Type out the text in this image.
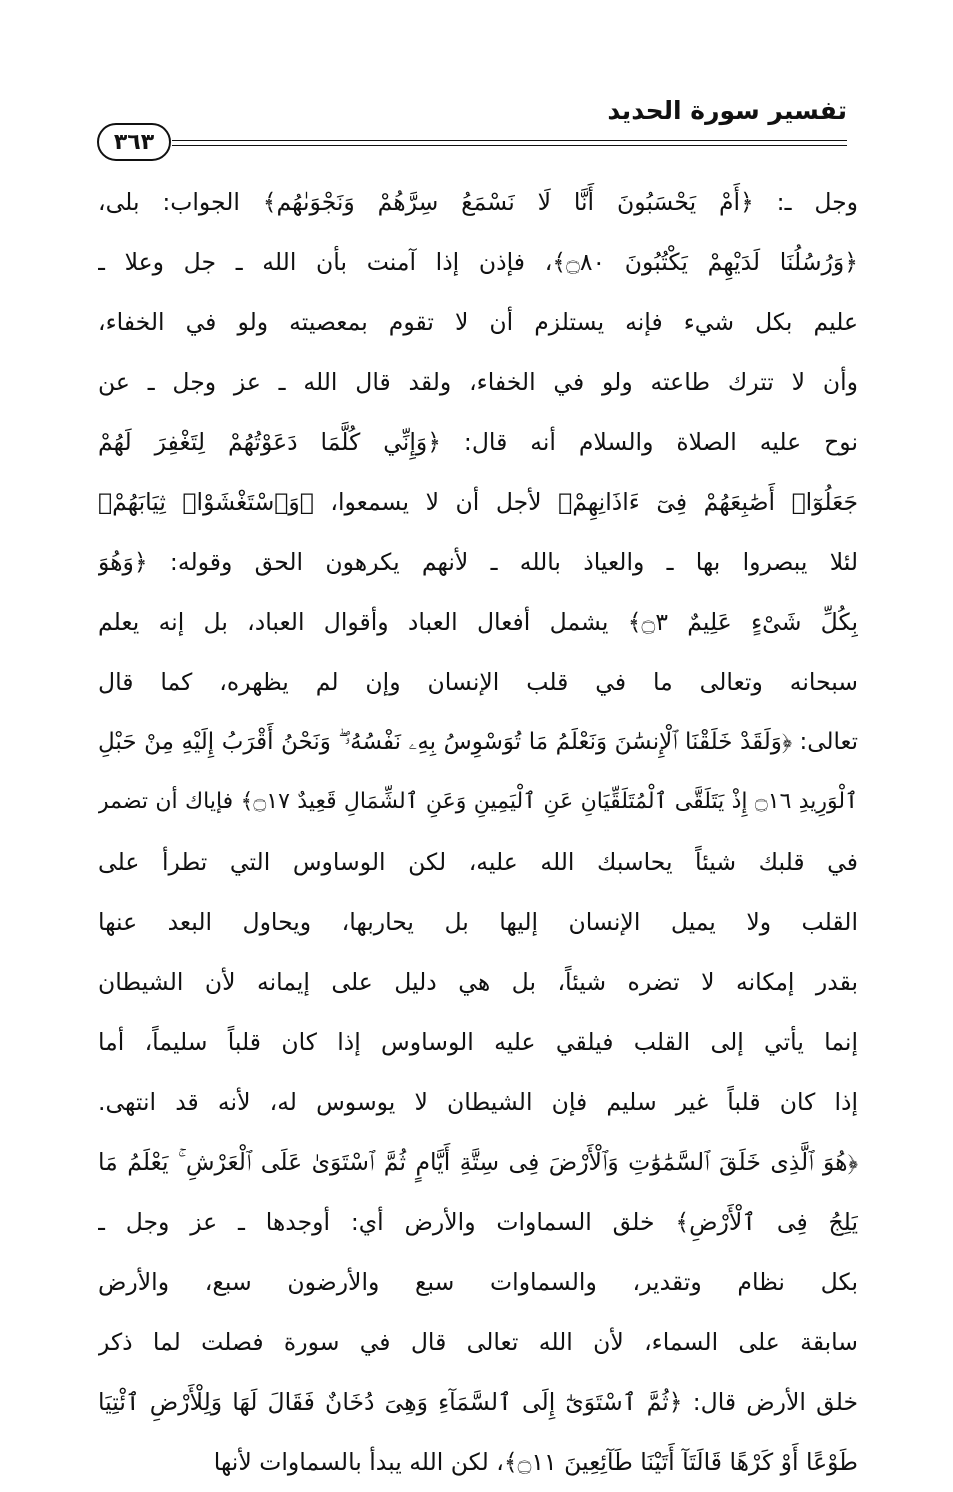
تفسير سورة الحديد
٣٦٣
وجل ـ: ﴿أَمْ يَحْسَبُونَ أَنَّا لَا نَسْمَعُ سِرَّهُمْ وَنَجْوَىٰهُم﴾ الجواب: بلى،
﴿وَرُسُلُنَا لَدَيْهِمْ يَكْتُبُونَ ۝٨٠﴾، فإذن إذا آمنت بأن الله ـ جل وعلا ـ
عليم بكل شيء فإنه يستلزم أن لا تقوم بمعصيته ولو في الخفاء،
وأن لا تترك طاعته ولو في الخفاء، ولقد قال الله ـ عز وجل ـ عن
نوح عليه الصلاة والسلام أنه قال: ﴿وَإِنِّي كُلَّمَا دَعَوْتُهُمْ لِتَغْفِرَ لَهُمْ
جَعَلُوٓا۟ أَصَٰبِعَهُمْ فِىٓ ءَاذَانِهِمْ﴾ لأجل أن لا يسمعوا، ﴿وَٱسْتَغْشَوْا۟ ثِيَابَهُمْ﴾
لئلا يبصروا بها ـ والعياذ بالله ـ لأنهم يكرهون الحق وقوله: ﴿وَهُوَ
بِكُلِّ شَىْءٍ عَلِيمٌ ۝٣﴾ يشمل أفعال العباد وأقوال العباد، بل إنه يعلم
سبحانه وتعالى ما في قلب الإنسان وإن لم يظهره، كما قال
تعالى: ﴿وَلَقَدْ خَلَقْنَا ٱلْإِنسَٰنَ وَنَعْلَمُ مَا تُوَسْوِسُ بِهِۦ نَفْسُهُۥ ۖ وَنَحْنُ أَقْرَبُ إِلَيْهِ مِنْ حَبْلِ
ٱلْوَرِيدِ ۝١٦ إِذْ يَتَلَقَّى ٱلْمُتَلَقِّيَانِ عَنِ ٱلْيَمِينِ وَعَنِ ٱلشِّمَالِ قَعِيدٌ ۝١٧﴾ فإياك أن تضمر
في قلبك شيئاً يحاسبك الله عليه، لكن الوساوس التي تطرأ على
القلب ولا يميل الإنسان إليها بل يحاربها، ويحاول البعد عنها
بقدر إمكانه لا تضره شيئاً، بل هي دليل على إيمانه لأن الشيطان
إنما يأتي إلى القلب فيلقي عليه الوساوس إذا كان قلباً سليماً، أما
إذا كان قلباً غير سليم فإن الشيطان لا يوسوس له، لأنه قد انتهى.
﴿هُوَ ٱلَّذِى خَلَقَ ٱلسَّمَٰوَٰتِ وَٱلْأَرْضَ فِى سِتَّةِ أَيَّامٍ ثُمَّ ٱسْتَوَىٰ عَلَى ٱلْعَرْشِ ۚ يَعْلَمُ مَا
يَلِجُ فِى ٱلْأَرْضِ﴾ خلق السماوات والأرض أي: أوجدها ـ عز وجل ـ
بكل نظام وتقدير، والسماوات سبع والأرضون سبع، والأرض
سابقة على السماء، لأن الله تعالى قال في سورة فصلت لما ذكر
خلق الأرض قال: ﴿ثُمَّ ٱسْتَوَىٰٓ إِلَى ٱلسَّمَآءِ وَهِىَ دُخَانٌ فَقَالَ لَهَا وَلِلْأَرْضِ ٱئْتِيَا
طَوْعًا أَوْ كَرْهًا قَالَتَآ أَتَيْنَا طَآئِعِينَ ۝١١﴾، لكن الله يبدأ بالسماوات لأنها
